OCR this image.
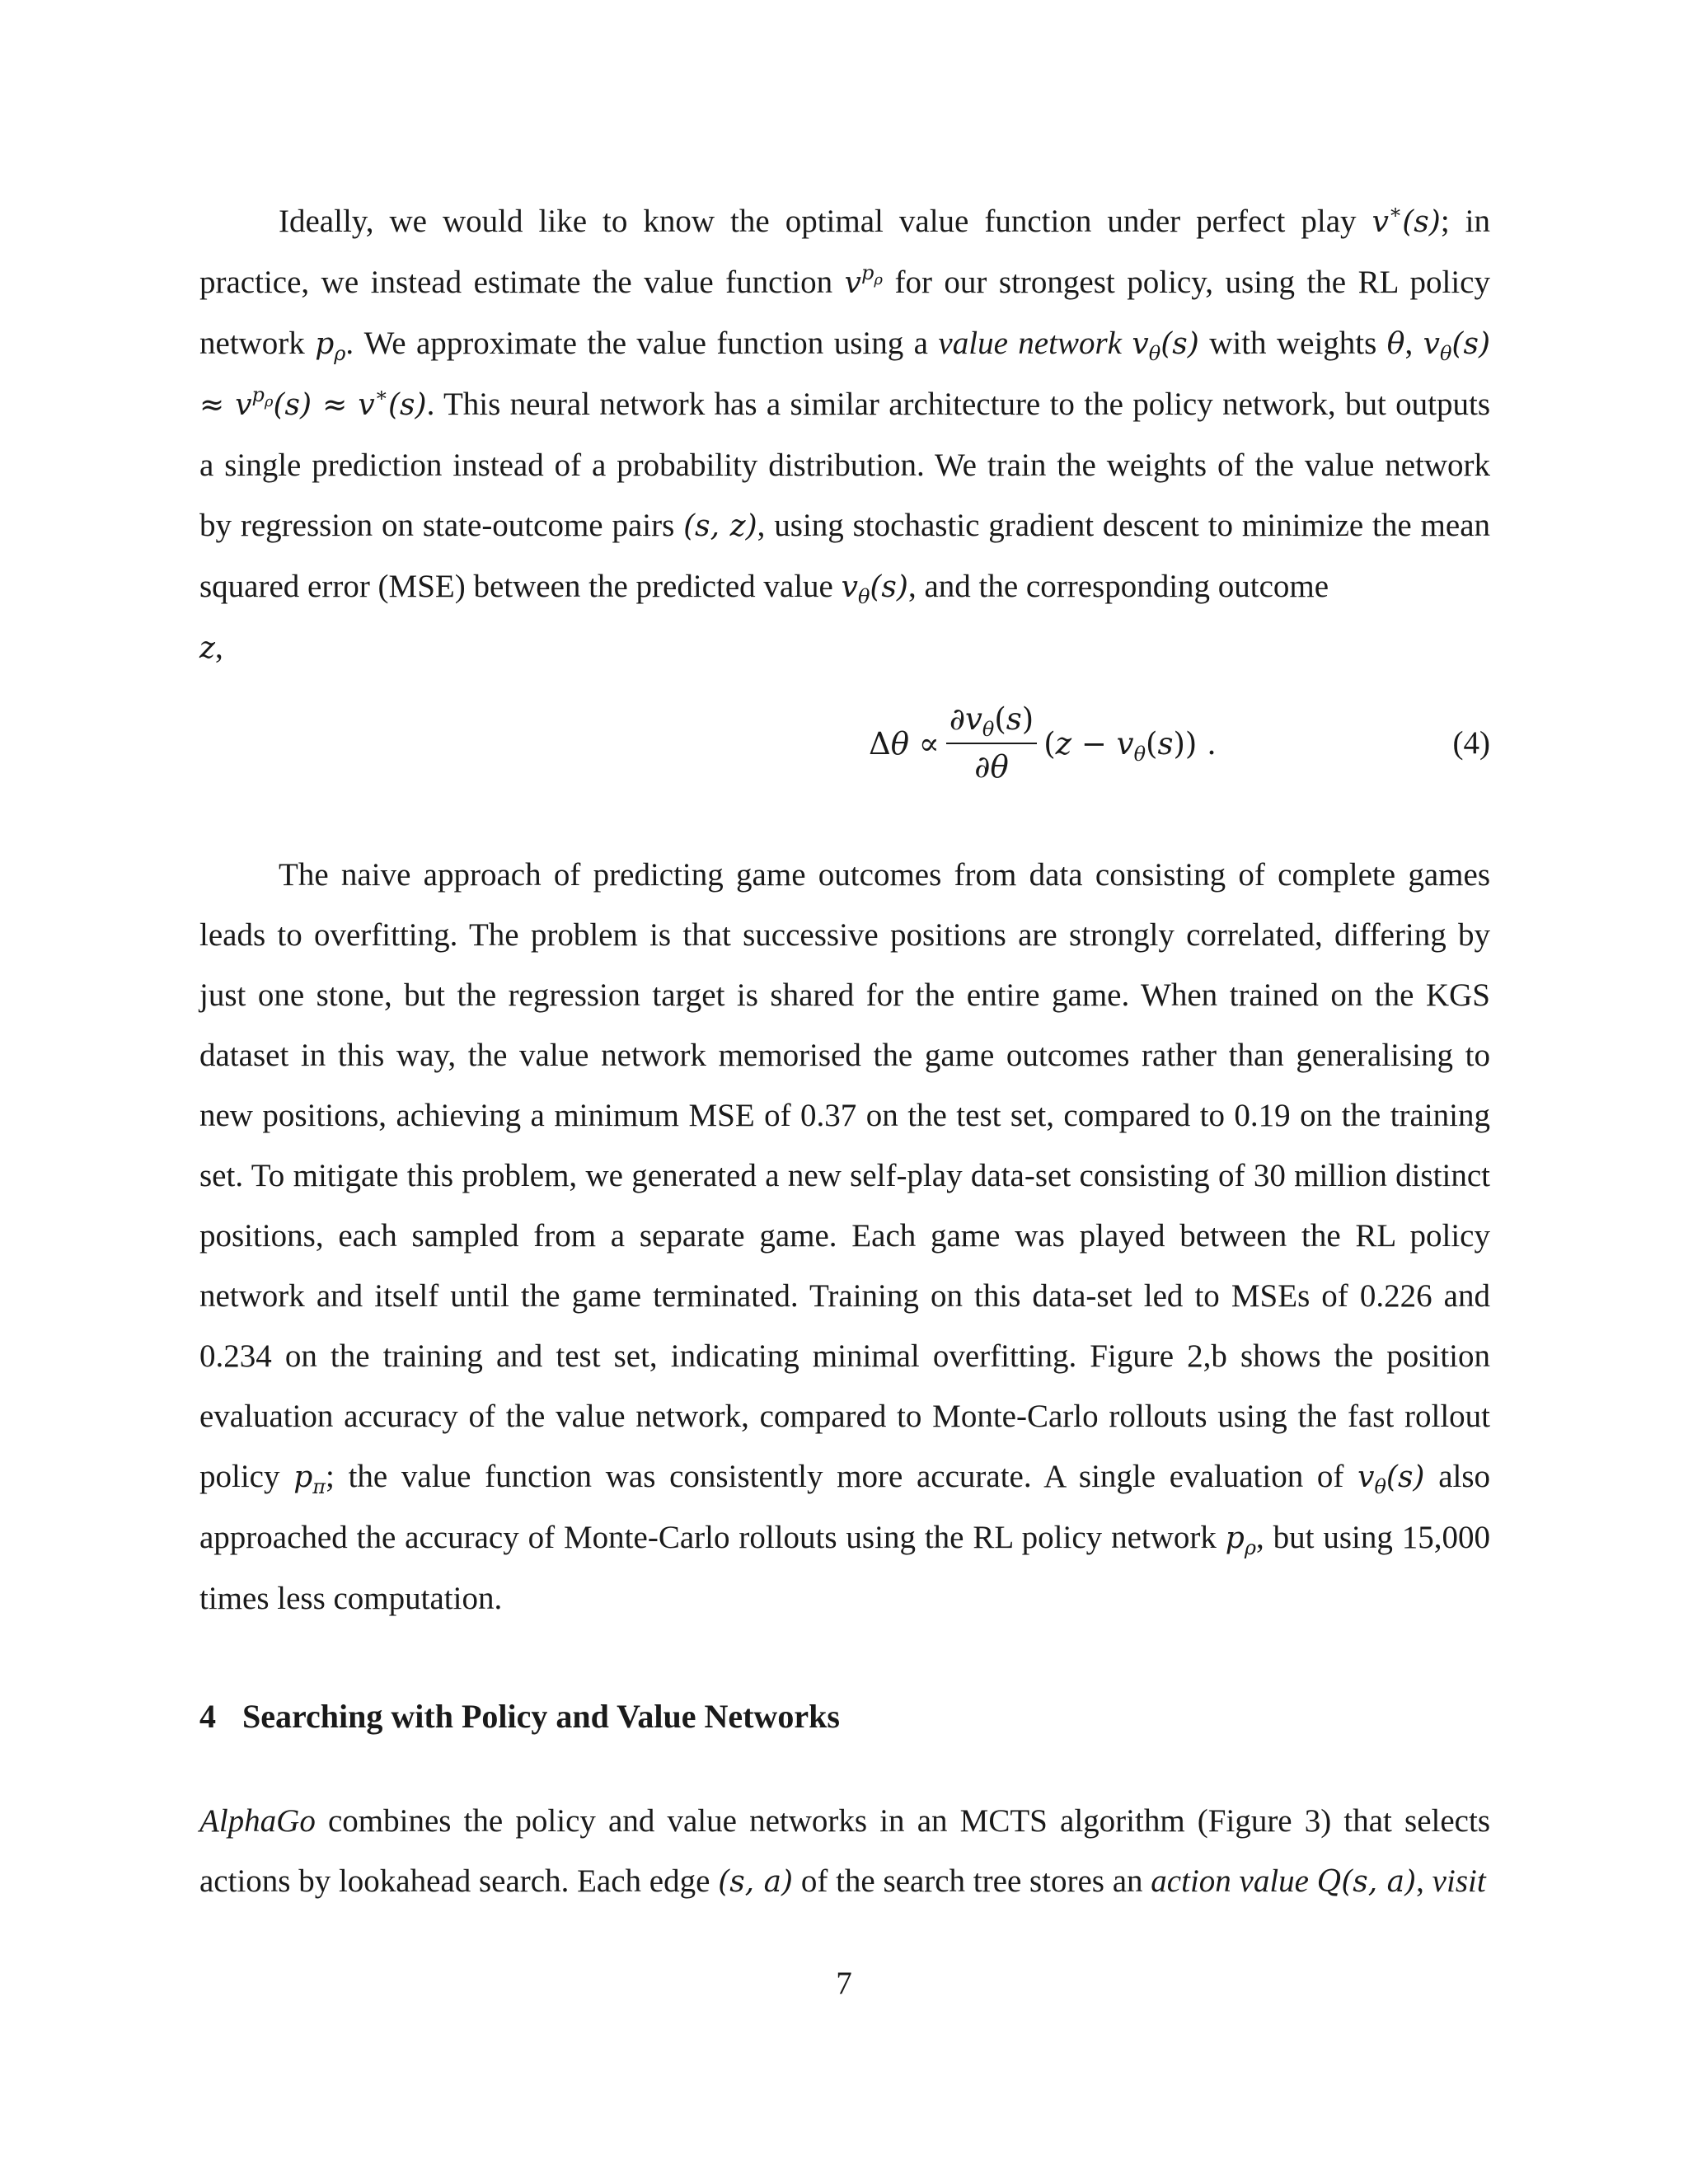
Ideally, we would like to know the optimal value function under perfect play v∗(s); in practice, we instead estimate the value function $v^{p_\rho}$ for our strongest policy, using the RL policy network $p_\rho$. We approximate the value function using a value network $v_\theta(s)$ with weights θ, $v_\theta(s) \approx v^{p_\rho}(s) \approx v^∗(s)$. This neural network has a similar architecture to the policy network, but outputs a single prediction instead of a probability distribution. We train the weights of the value network by regression on state-outcome pairs (s, z), using stochastic gradient descent to minimize the mean squared error (MSE) between the predicted value $v_\theta(s)$, and the corresponding outcome
z,

$\Delta\theta \propto \frac{\partial v_\theta(s)}{\partial\theta} (z - v_\theta(s))$ .	(4)

The naive approach of predicting game outcomes from data consisting of complete games leads to overfitting. The problem is that successive positions are strongly correlated, differing by just one stone, but the regression target is shared for the entire game. When trained on the KGS dataset in this way, the value network memorised the game outcomes rather than generalising to new positions, achieving a minimum MSE of 0.37 on the test set, compared to 0.19 on the training set. To mitigate this problem, we generated a new self-play data-set consisting of 30 million distinct positions, each sampled from a separate game. Each game was played between the RL policy network and itself until the game terminated. Training on this data-set led to MSEs of 0.226 and 0.234 on the training and test set, indicating minimal overfitting. Figure 2,b shows the position evaluation accuracy of the value network, compared to Monte-Carlo rollouts using the fast rollout policy $p_\pi$; the value function was consistently more accurate. A single evaluation of $v_\theta(s)$ also approached the accuracy of Monte-Carlo rollouts using the RL policy network $p_\rho$, but using 15,000 times less computation.

4 Searching with Policy and Value Networks

AlphaGo combines the policy and value networks in an MCTS algorithm (Figure 3) that selects actions by lookahead search. Each edge (s, a) of the search tree stores an action value Q(s, a), visit

7
